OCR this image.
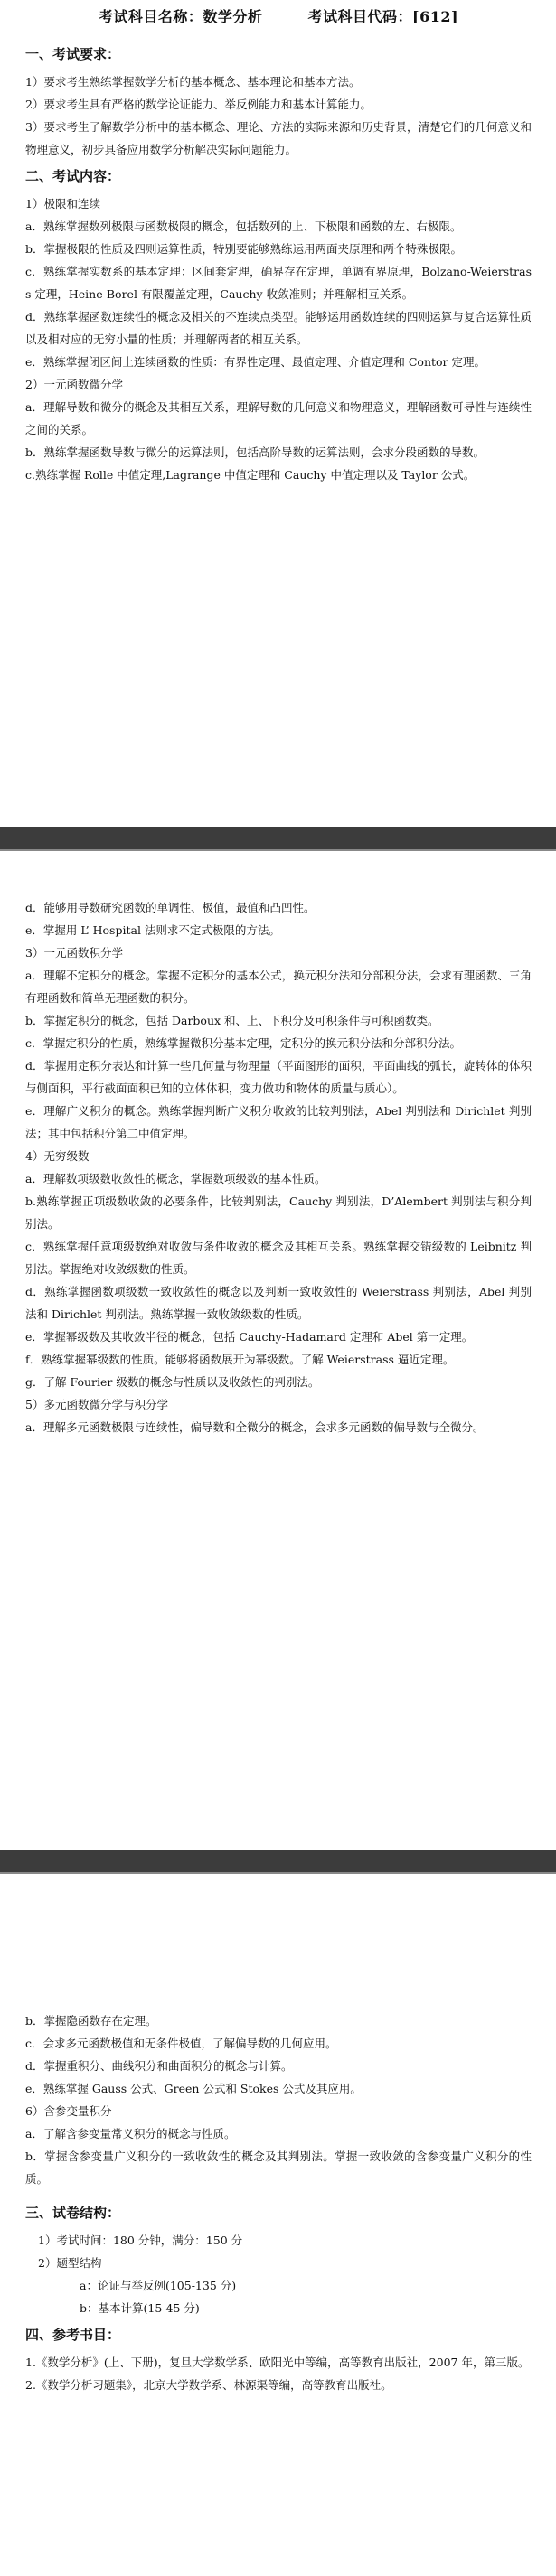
考试科目名称：数学分析	考试科目代码：[612]
一、考试要求：

1）要求考生熟练掌握数学分析的基本概念、基本理论和基本方法。

2）要求考生具有严格的数学论证能力、举反例能力和基本计算能力。

3）要求考生了解数学分析中的基本概念、理论、方法的实际来源和历史背景，清楚它们的几何意义和物理意义，初步具备应用数学分析解决实际问题能力。

二、考试内容：

1）极限和连续

a．熟练掌握数列极限与函数极限的概念，包括数列的上、下极限和函数的左、右极限。

b．掌握极限的性质及四则运算性质，特别要能够熟练运用两面夹原理和两个特殊极限。

c．熟练掌握实数系的基本定理：区间套定理，确界存在定理，单调有界原理，Bolzano-Weierstrass 定理，Heine-Borel 有限覆盖定理，Cauchy 收敛准则；并理解相互关系。

d．熟练掌握函数连续性的概念及相关的不连续点类型。能够运用函数连续的四则运算与复合运算性质以及相对应的无穷小量的性质；并理解两者的相互关系。

e．熟练掌握闭区间上连续函数的性质：有界性定理、最值定理、介值定理和 Contor 定理。

2）一元函数微分学

a．理解导数和微分的概念及其相互关系，理解导数的几何意义和物理意义，理解函数可导性与连续性之间的关系。

b．熟练掌握函数导数与微分的运算法则，包括高阶导数的运算法则，会求分段函数的导数。

c.熟练掌握 Rolle 中值定理,Lagrange 中值定理和 Cauchy 中值定理以及 Taylor 公式。

d．能够用导数研究函数的单调性、极值，最值和凸凹性。

e．掌握用 L’ Hospital 法则求不定式极限的方法。

3）一元函数积分学

a．理解不定积分的概念。掌握不定积分的基本公式，换元积分法和分部积分法，会求有理函数、三角有理函数和简单无理函数的积分。

b．掌握定积分的概念，包括 Darboux 和、上、下积分及可积条件与可积函数类。

c．掌握定积分的性质，熟练掌握微积分基本定理，定积分的换元积分法和分部积分法。

d．掌握用定积分表达和计算一些几何量与物理量（平面图形的面积，平面曲线的弧长，旋转体的体积与侧面积，平行截面面积已知的立体体积，变力做功和物体的质量与质心）。

e．理解广义积分的概念。熟练掌握判断广义积分收敛的比较判别法，Abel 判别法和 Dirichlet 判别法；其中包括积分第二中值定理。

4）无穷级数

a．理解数项级数收敛性的概念，掌握数项级数的基本性质。

b.熟练掌握正项级数收敛的必要条件，比较判别法，Cauchy 判别法，D’Alembert 判别法与积分判别法。

c．熟练掌握任意项级数绝对收敛与条件收敛的概念及其相互关系。熟练掌握交错级数的 Leibnitz 判别法。掌握绝对收敛级数的性质。

d．熟练掌握函数项级数一致收敛性的概念以及判断一致收敛性的 Weierstrass 判别法，Abel 判别法和 Dirichlet 判别法。熟练掌握一致收敛级数的性质。

e．掌握幂级数及其收敛半径的概念，包括 Cauchy-Hadamard 定理和 Abel 第一定理。

f．熟练掌握幂级数的性质。能够将函数展开为幂级数。了解 Weierstrass 逼近定理。

g．了解 Fourier 级数的概念与性质以及收敛性的判别法。

5）多元函数微分学与积分学

a．理解多元函数极限与连续性，偏导数和全微分的概念，会求多元函数的偏导数与全微分。

b．掌握隐函数存在定理。

c．会求多元函数极值和无条件极值，了解偏导数的几何应用。

d．掌握重积分、曲线积分和曲面积分的概念与计算。

e．熟练掌握 Gauss 公式、Green 公式和 Stokes 公式及其应用。

6）含参变量积分

a．了解含参变量常义积分的概念与性质。

b．掌握含参变量广义积分的一致收敛性的概念及其判别法。掌握一致收敛的含参变量广义积分的性质。

三、试卷结构：

1）考试时间：180 分钟，满分：150 分

2）题型结构

a：论证与举反例(105-135 分)

b：基本计算(15-45 分)

四、参考书目：

1.《数学分析》(上、下册)，复旦大学数学系、欧阳光中等编，高等教育出版社，2007 年，第三版。

2.《数学分析习题集》，北京大学数学系、林源渠等编，高等教育出版社。
